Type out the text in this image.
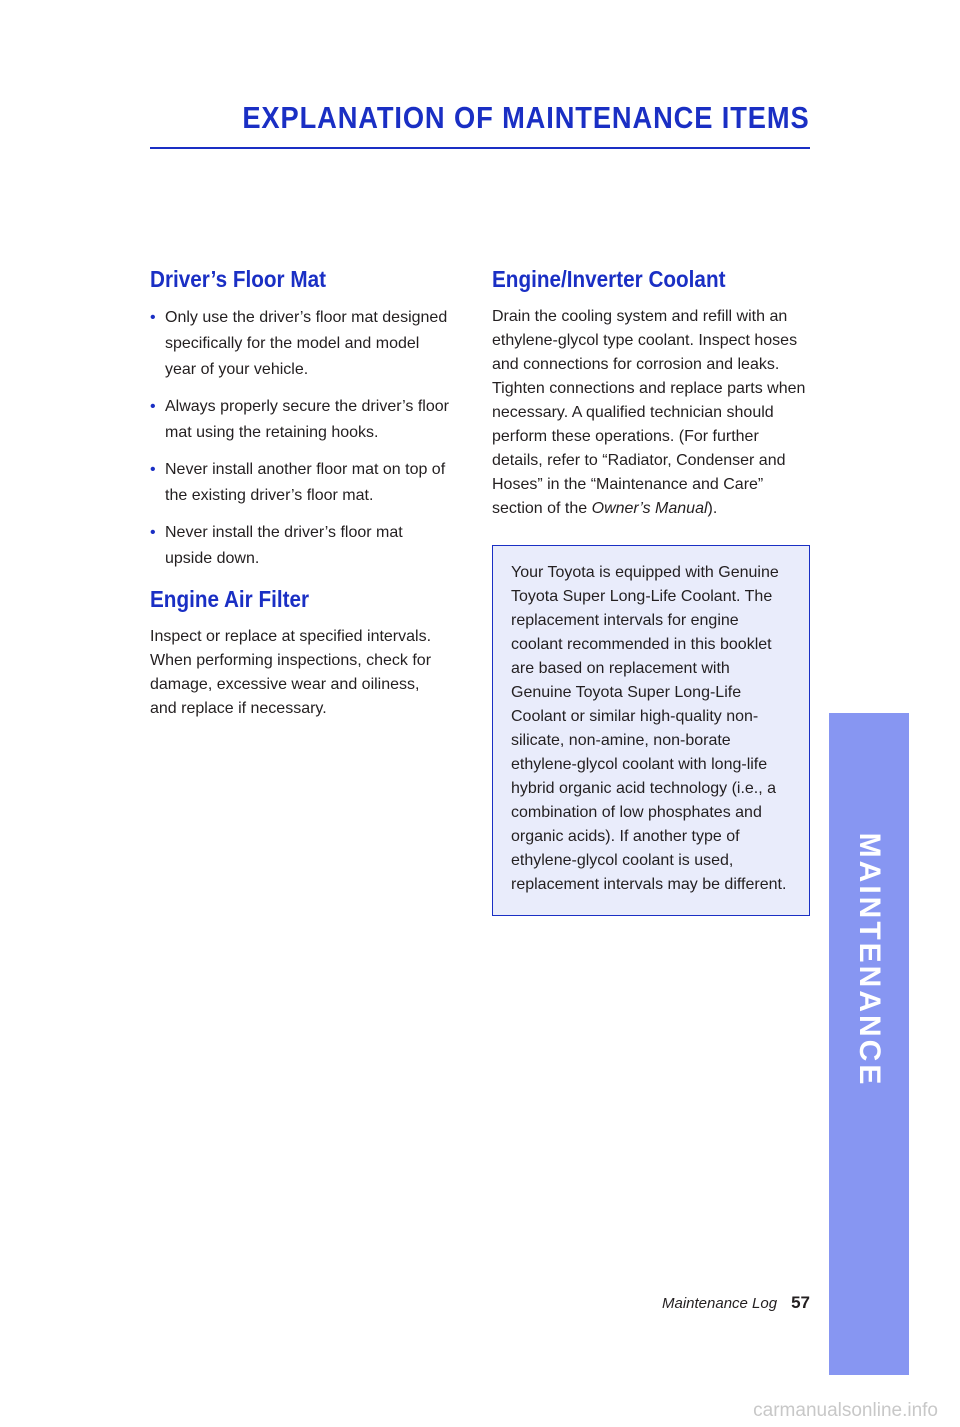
EXPLANATION OF MAINTENANCE ITEMS
Driver’s Floor Mat
• Only use the driver’s floor mat designed specifically for the model and model year of your vehicle.
• Always properly secure the driver’s floor mat using the retaining hooks.
• Never install another floor mat on top of the existing driver’s floor mat.
• Never install the driver’s floor mat upside down.
Engine Air Filter
Inspect or replace at specified intervals. When performing inspections, check for damage, excessive wear and oiliness, and replace if necessary.
Engine/Inverter Coolant
Drain the cooling system and refill with an ethylene-glycol type coolant. Inspect hoses and connections for corrosion and leaks. Tighten connections and replace parts when necessary. A qualified technician should perform these operations. (For further details, refer to “Radiator, Condenser and Hoses” in the “Maintenance and Care” section of the Owner’s Manual).
Your Toyota is equipped with Genuine Toyota Super Long-Life Coolant. The replacement intervals for engine coolant recommended in this booklet are based on replacement with Genuine Toyota Super Long-Life Coolant or similar high-quality non-silicate, non-amine, non-borate ethylene-glycol coolant with long-life hybrid organic acid technology (i.e., a combination of low phosphates and organic acids). If another type of ethylene-glycol coolant is used, replacement intervals may be different.	MAINTENANCE
Maintenance Log 57
carmanualsonline.info
